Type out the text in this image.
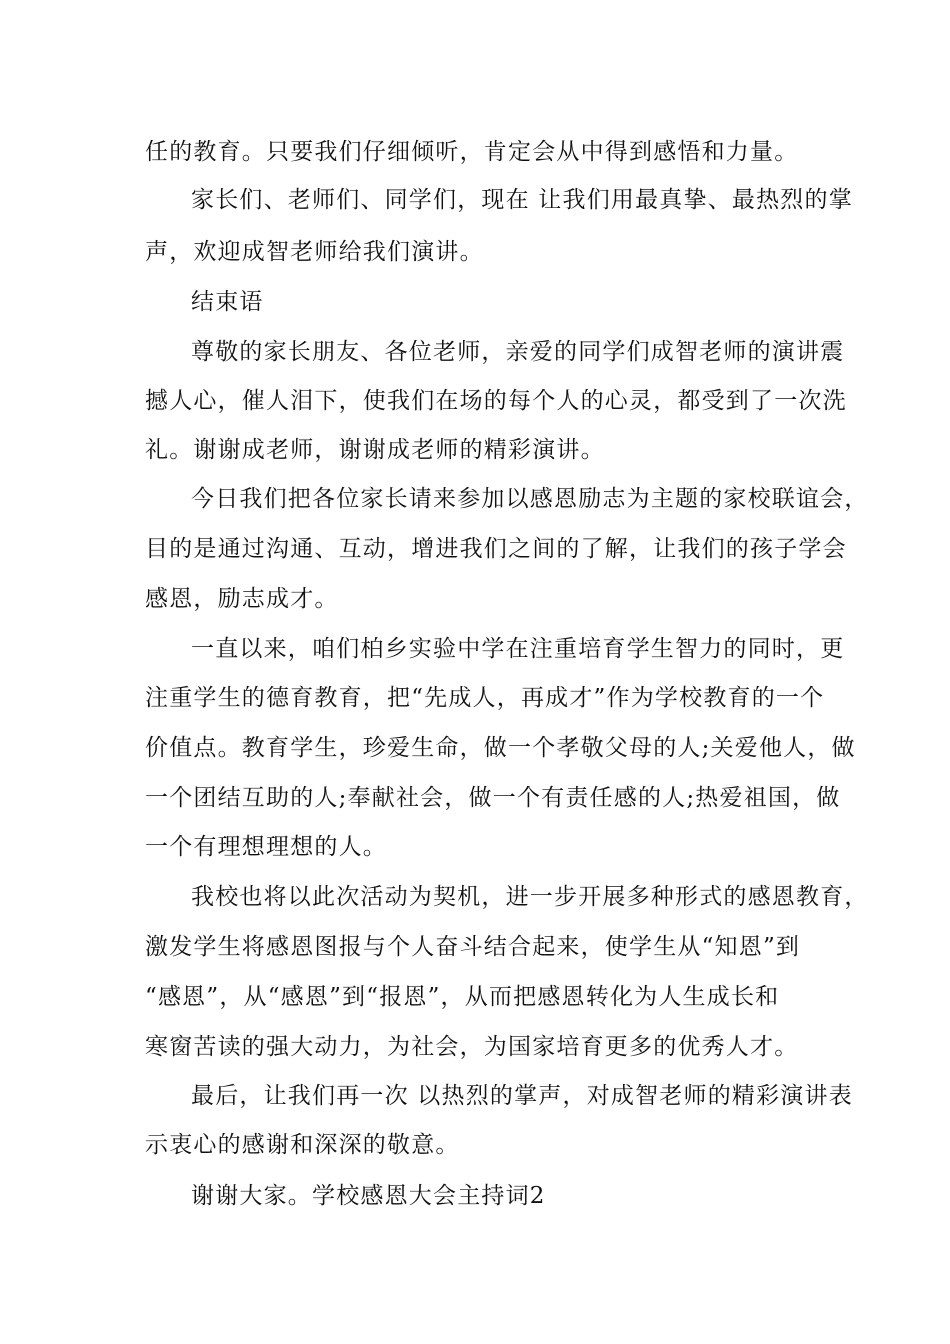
任的教育。只要我们仔细倾听，肯定会从中得到感悟和力量。
家长们、老师们、同学们，现在 让我们用最真挚、最热烈的掌
声，欢迎成智老师给我们演讲。
结束语
尊敬的家长朋友、各位老师，亲爱的同学们成智老师的演讲震
撼人心，催人泪下，使我们在场的每个人的心灵，都受到了一次洗
礼。谢谢成老师，谢谢成老师的精彩演讲。
今日我们把各位家长请来参加以感恩励志为主题的家校联谊会，
目的是通过沟通、互动，增进我们之间的了解，让我们的孩子学会
感恩，励志成才。
一直以来，咱们柏乡实验中学在注重培育学生智力的同时，更
注重学生的德育教育，把“先成人，再成才”作为学校教育的一个
价值点。教育学生，珍爱生命，做一个孝敬父母的人;关爱他人，做
一个团结互助的人;奉献社会，做一个有责任感的人;热爱祖国，做
一个有理想理想的人。
我校也将以此次活动为契机，进一步开展多种形式的感恩教育，
激发学生将感恩图报与个人奋斗结合起来，使学生从“知恩”到
“感恩”，从“感恩”到“报恩”，从而把感恩转化为人生成长和
寒窗苦读的强大动力，为社会，为国家培育更多的优秀人才。
最后，让我们再一次 以热烈的掌声，对成智老师的精彩演讲表
示衷心的感谢和深深的敬意。
谢谢大家。学校感恩大会主持词2
